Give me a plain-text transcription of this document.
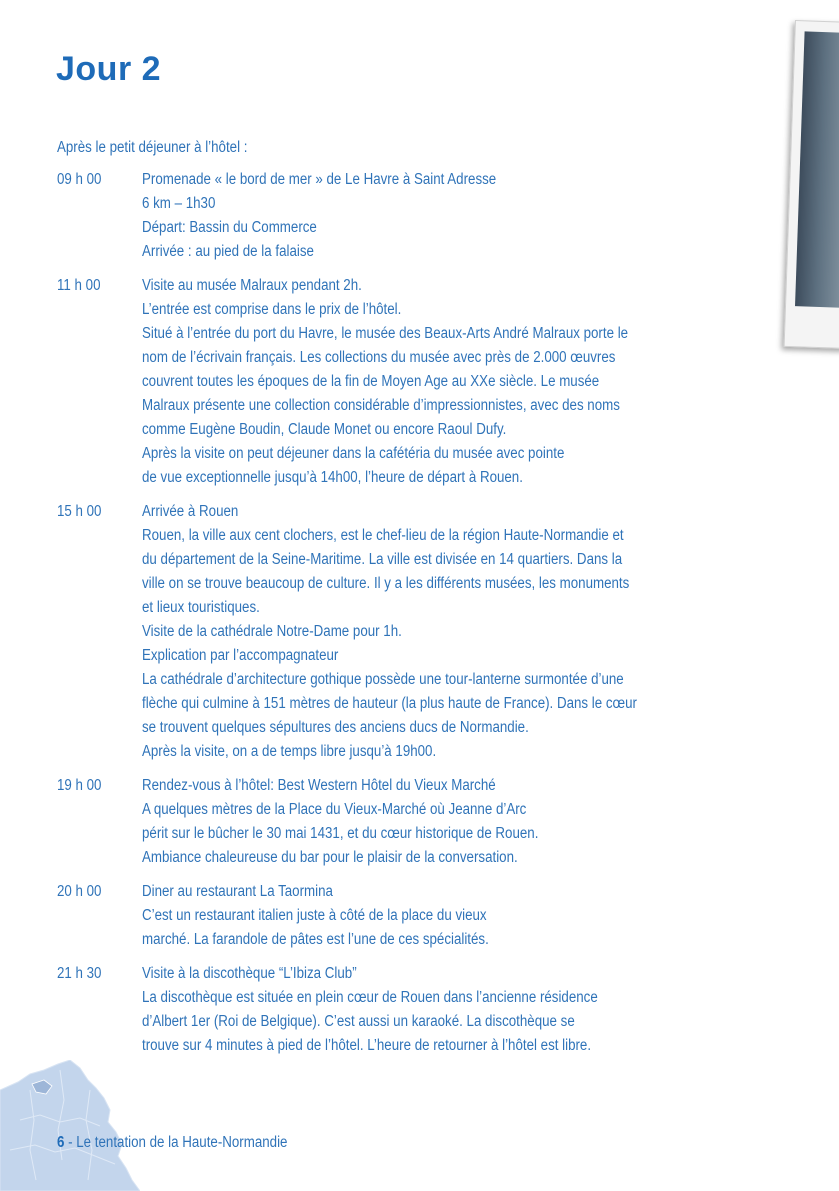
Jour 2
Après le petit déjeuner à l’hôtel :
09 h 00	Promenade « le bord de mer » de Le Havre à Saint Adresse
6 km – 1h30
Départ: Bassin du Commerce
Arrivée : au pied de la falaise
11 h 00	Visite au musée Malraux pendant 2h.
L’entrée est comprise dans le prix de l’hôtel.
Situé à l’entrée du port du Havre, le musée des Beaux-Arts André Malraux porte le
nom de l’écrivain français. Les collections du musée avec près de 2.000 œuvres
couvrent toutes les époques de la fin de Moyen Age au XXe siècle. Le musée
Malraux présente une collection considérable d’impressionnistes, avec des noms
comme Eugène Boudin, Claude Monet ou encore Raoul Dufy.
Après la visite on peut déjeuner dans la cafétéria du musée avec pointe
de vue exceptionnelle jusqu’à 14h00, l’heure de départ à Rouen.
15 h 00	Arrivée à Rouen
Rouen, la ville aux cent clochers, est le chef-lieu de la région Haute-Normandie et
du département de la Seine-Maritime. La ville est divisée en 14 quartiers. Dans la
ville on se trouve beaucoup de culture. Il y a les différents musées, les monuments
et lieux touristiques.
Visite de la cathédrale Notre-Dame pour 1h.
Explication par l’accompagnateur
La cathédrale d’architecture gothique possède une tour-lanterne surmontée d’une
flèche qui culmine à 151 mètres de hauteur (la plus haute de France). Dans le cœur
se trouvent quelques sépultures des anciens ducs de Normandie.
Après la visite, on a de temps libre jusqu’à 19h00.
19 h 00	Rendez-vous à l’hôtel: Best Western Hôtel du Vieux Marché
A quelques mètres de la Place du Vieux-Marché où Jeanne d’Arc
périt sur le bûcher le 30 mai 1431, et du cœur historique de Rouen.
Ambiance chaleureuse du bar pour le plaisir de la conversation.
20 h 00	Diner au restaurant La Taormina
C’est un restaurant italien juste à côté de la place du vieux
marché. La farandole de pâtes est l’une de ces spécialités.
21 h 30	Visite à la discothèque “L’Ibiza Club”
La discothèque est située en plein cœur de Rouen dans l’ancienne résidence
d’Albert 1er (Roi de Belgique). C’est aussi un karaoké. La discothèque se
trouve sur 4 minutes à pied de l’hôtel. L’heure de retourner à l’hôtel est libre.
6 - Le tentation de la Haute-Normandie
